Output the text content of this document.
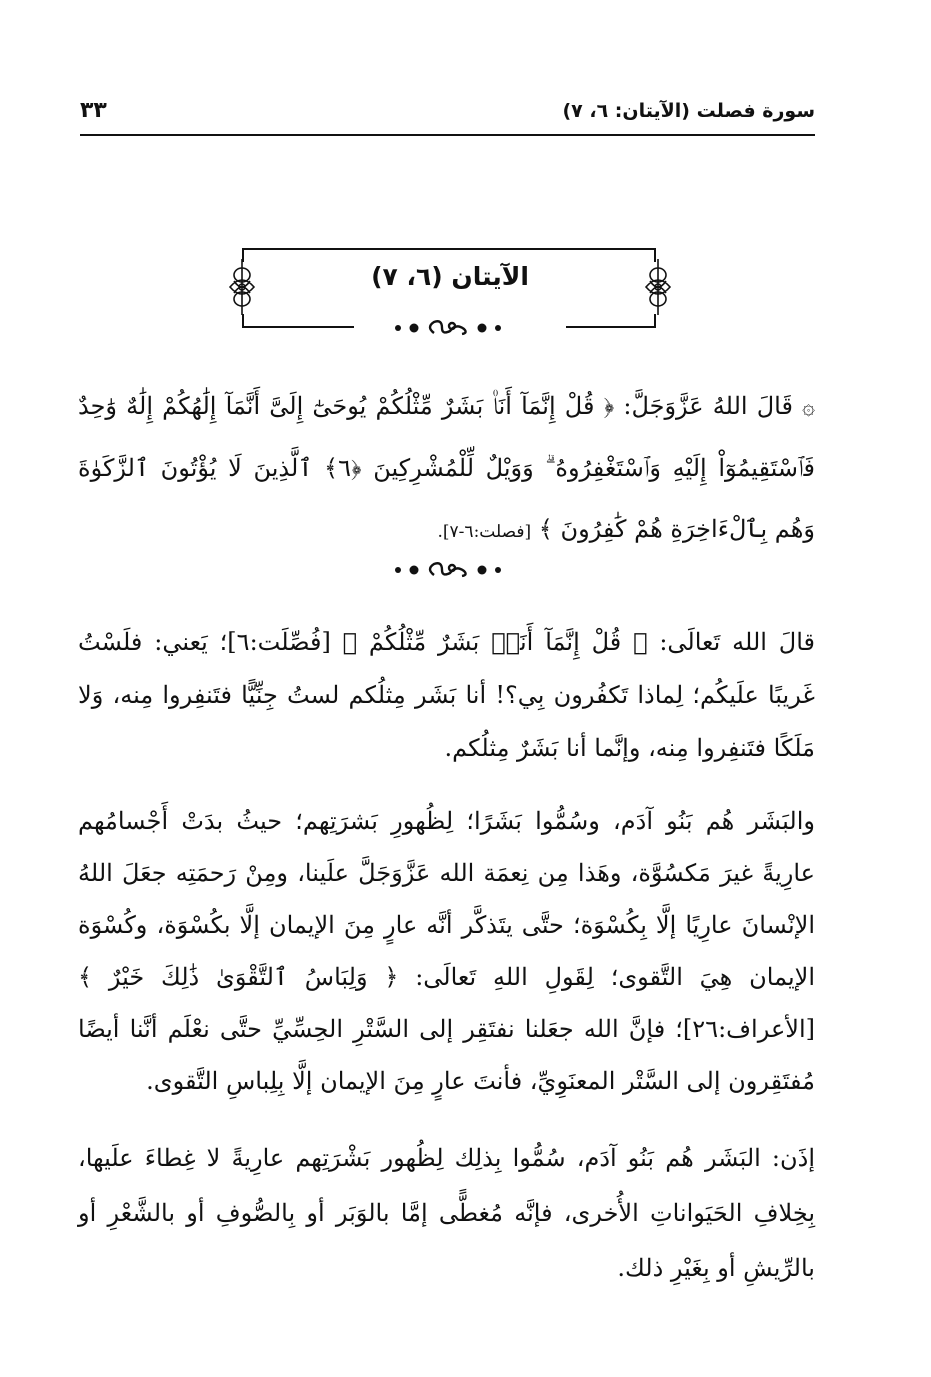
سورة فصلت (الآيتان: ٦، ٧)
٣٣
الآيتان (٦، ٧)

۞ قَالَ اللهُ عَزَّوَجَلَّ: ﴿ قُلْ إِنَّمَآ أَنَا۠ بَشَرٌ مِّثْلُكُمْ يُوحَىٰٓ إِلَىَّ أَنَّمَآ إِلَٰهُكُمْ إِلَٰهٌ وَٰحِدٌ فَٱسْتَقِيمُوٓاْ إِلَيْهِ وَٱسْتَغْفِرُوهُ ۗ وَوَيْلٌ لِّلْمُشْرِكِينَ ﴿٦﴾ ٱلَّذِينَ لَا يُؤْتُونَ ٱلزَّكَوٰةَ وَهُم بِٱلْءَاخِرَةِ هُمْ كَٰفِرُونَ ﴾ [فصلت:٦-٧].

قالَ الله تَعالَى: ﴿ قُلْ إِنَّمَآ أَنَا۠ بَشَرٌ مِّثْلُكُمْ ﴾ [فُصِّلَت:٦]؛ يَعني: فلَسْتُ غَريبًا علَيكُم؛ لِماذا تَكفُرون بِي؟! أنا بَشَر مِثلُكم لستُ جِنِّيًّا فتَنفِروا مِنه، وَلا مَلَكًا فتَنفِروا مِنه، وإنَّما أنا بَشَرٌ مِثلُكم.

والبَشَر هُم بَنُو آدَم، وسُمُّوا بَشَرًا؛ لِظُهورِ بَشرَتِهم؛ حيثُ بدَتْ أَجْسامُهم عارِيةً غيرَ مَكسُوَّة، وهَذا مِن نِعمَة الله عَزَّوَجَلَّ علَينا، ومِنْ رَحمَتِه جعَلَ اللهُ الإنْسانَ عارِيًا إلَّا بِكُسْوَة؛ حتَّى يتَذكَّر أنَّه عارٍ مِنَ الإيمان إلَّا بكُسْوَة، وكُسْوَة الإيمان هِيَ التَّقوى؛ لِقَولِ اللهِ تَعالَى: ﴿ وَلِبَاسُ ٱلتَّقْوَىٰ ذَٰلِكَ خَيْرٌ ﴾ [الأعراف:٢٦]؛ فإنَّ الله جعَلنا نفتَقِر إلى السَّتْرِ الحِسِّيِّ حتَّى نعْلَم أنَّنا أيضًا مُفتَقِرون إلى السَّتْر المعنَوِيِّ، فأنتَ عارٍ مِنَ الإيمان إلَّا بِلِباسِ التَّقوى.

إذَن: البَشَر هُم بَنُو آدَم، سُمُّوا بِذلِك لِظُهور بَشْرَتِهم عارِيةً لا غِطاءَ علَيها، بِخِلافِ الحَيَواناتِ الأُخرى، فإنَّه مُغطًّى إمَّا بالوَبَر أو بِالصُّوفِ أو بالشَّعْرِ أو بالرِّيشِ أو بِغَيْرِ ذلك.
